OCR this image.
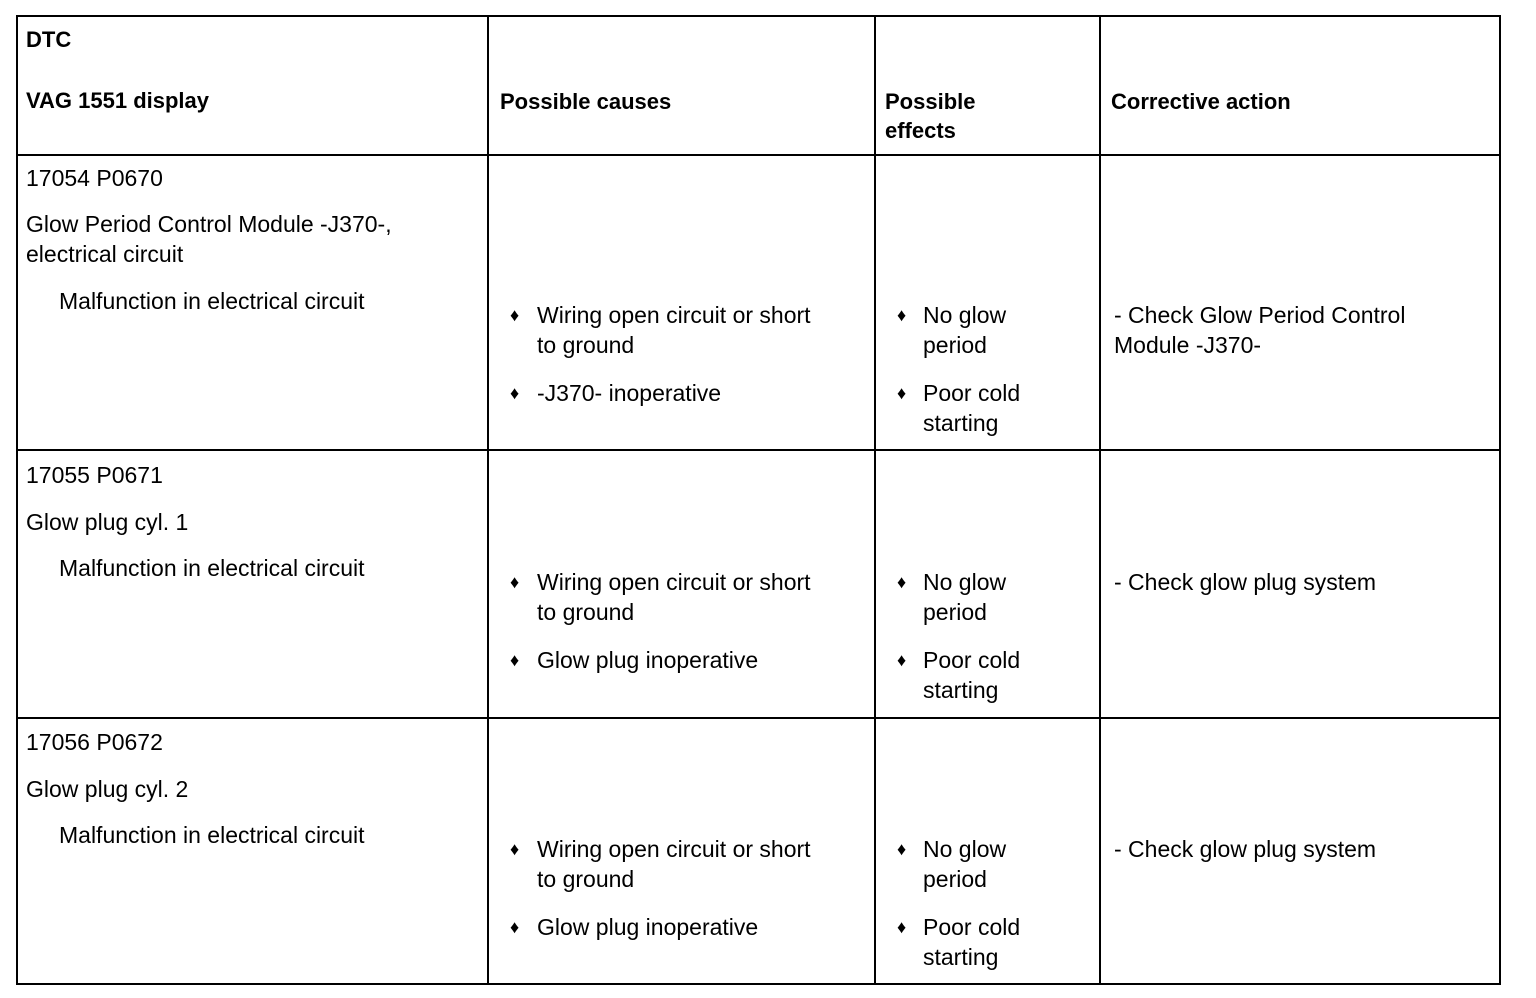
DTC
VAG 1551 display	Possible causes	Possible
effects
Corrective action
17054 P0670
Glow Period Control Module -J370-,
electrical circuit
Malfunction in electrical circuit
♦ Wiring open circuit or short
to ground
♦ -J370- inoperative
♦ No glow
period
♦ Poor cold
starting
- Check Glow Period Control
Module -J370-
17055 P0671
Glow plug cyl. 1
Malfunction in electrical circuit
♦ Wiring open circuit or short
to ground
♦ Glow plug inoperative
♦ No glow
period
♦ Poor cold
starting
- Check glow plug system
17056 P0672
Glow plug cyl. 2
Malfunction in electrical circuit
♦ Wiring open circuit or short
to ground
♦ Glow plug inoperative
♦ No glow
period
♦ Poor cold
starting
- Check glow plug system
